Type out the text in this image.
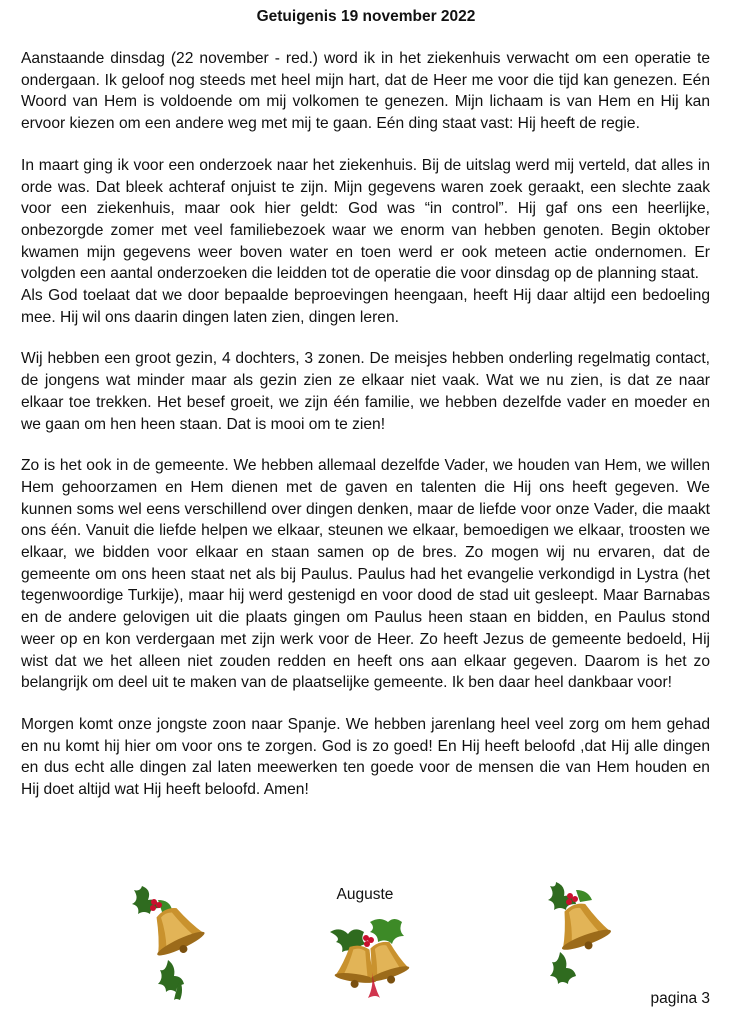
Getuigenis 19 november 2022

Aanstaande dinsdag (22 november - red.) word ik in het ziekenhuis verwacht om een operatie te ondergaan. Ik geloof nog steeds met heel mijn hart, dat de Heer me voor die tijd kan genezen. Eén Woord van Hem is voldoende om mij volkomen te genezen. Mijn lichaam is van Hem en Hij kan ervoor kiezen om een andere weg met mij te gaan. Eén ding staat vast: Hij heeft de regie.

In maart ging ik voor een onderzoek naar het ziekenhuis. Bij de uitslag werd mij verteld, dat alles in orde was. Dat bleek achteraf onjuist te zijn. Mijn gegevens waren zoek geraakt, een slechte zaak voor een ziekenhuis, maar ook hier geldt: God was “in control”. Hij gaf ons een heerlijke, onbezorgde zomer met veel familiebezoek waar we enorm van hebben genoten. Begin oktober kwamen mijn gegevens weer boven water en toen werd er ook meteen actie ondernomen. Er volgden een aantal onderzoeken die leidden tot de operatie die voor dinsdag op de planning staat.

Als God toelaat dat we door bepaalde beproevingen heengaan, heeft Hij daar altijd een bedoeling mee. Hij wil ons daarin dingen laten zien, dingen leren.

Wij hebben een groot gezin, 4 dochters, 3 zonen. De meisjes hebben onderling regelmatig contact, de jongens wat minder maar als gezin zien ze elkaar niet vaak. Wat we nu zien, is dat ze naar elkaar toe trekken. Het besef groeit, we zijn één familie, we hebben dezelfde vader en moeder en we gaan om hen heen staan. Dat is mooi om te zien!

Zo is het ook in de gemeente. We hebben allemaal dezelfde Vader, we houden van Hem, we willen Hem gehoorzamen en Hem dienen met de gaven en talenten die Hij ons heeft gegeven. We kunnen soms wel eens verschillend over dingen denken, maar de liefde voor onze Vader, die maakt ons één. Vanuit die liefde helpen we elkaar, steunen we elkaar, bemoedigen we elkaar, troosten we elkaar, we bidden voor elkaar en staan samen op de bres. Zo mogen wij nu ervaren, dat de gemeente om ons heen staat net als bij Paulus. Paulus had het evangelie verkondigd in Lystra (het tegenwoordige Turkije), maar hij werd gestenigd en voor dood de stad uit gesleept. Maar Barnabas en de andere gelovigen uit die plaats gingen om Paulus heen staan en bidden, en Paulus stond weer op en kon verdergaan met zijn werk voor de Heer. Zo heeft Jezus de gemeente bedoeld, Hij wist dat we het alleen niet zouden redden en heeft ons aan elkaar gegeven. Daarom is het zo belangrijk om deel uit te maken van de plaatselijke gemeente. Ik ben daar heel dankbaar voor!

Morgen komt onze jongste zoon naar Spanje. We hebben jarenlang heel veel zorg om hem gehad en nu komt hij hier om voor ons te zorgen. God is zo goed! En Hij heeft beloofd ,dat Hij alle dingen en dus echt alle dingen zal laten meewerken ten goede voor de mensen die van Hem houden en Hij doet altijd wat Hij heeft beloofd. Amen!

Auguste
pagina 3
